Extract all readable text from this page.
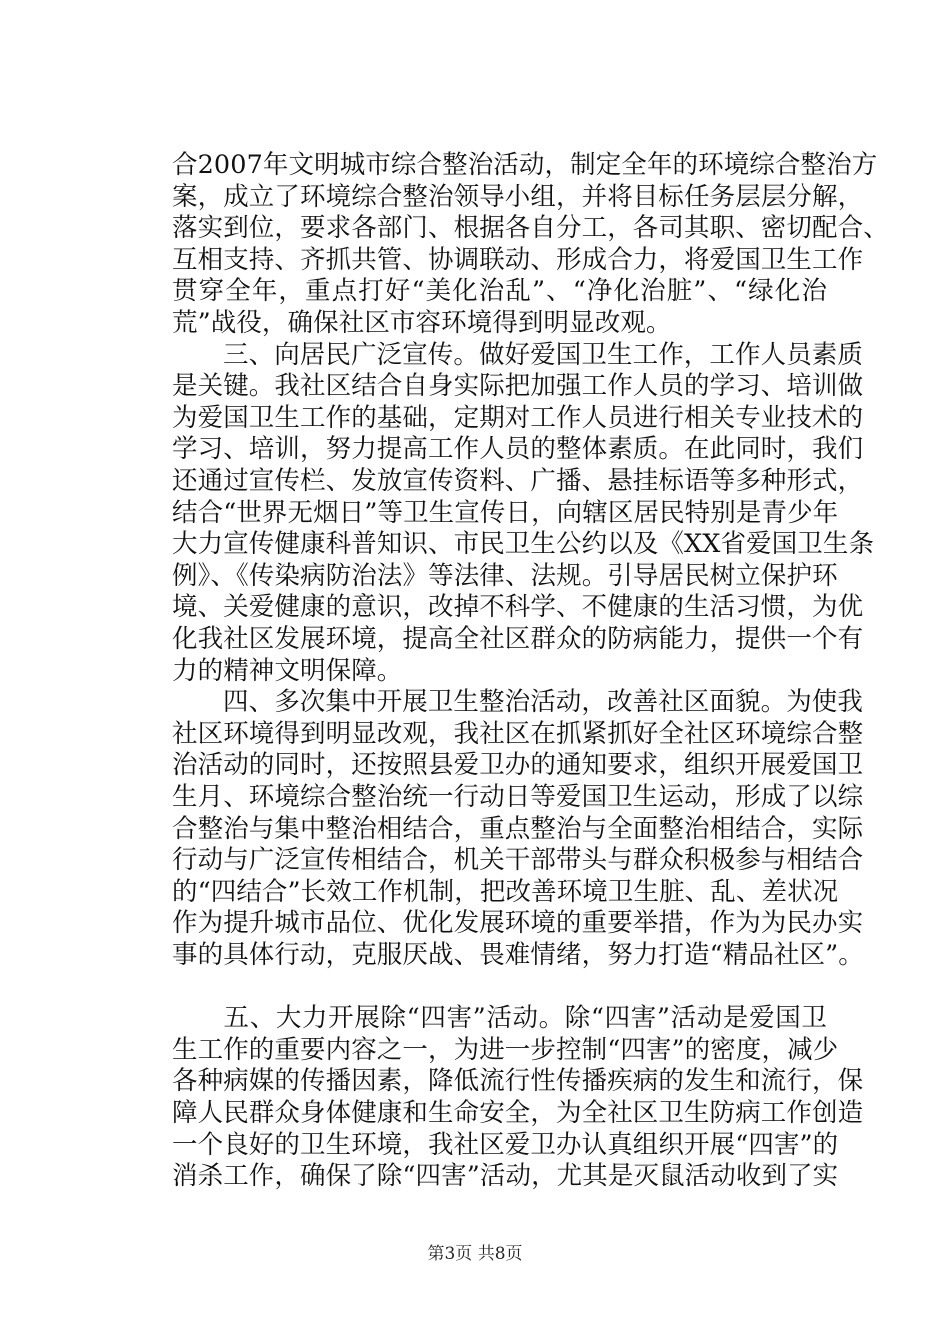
合2007年文明城市综合整治活动，制定全年的环境综合整治方
案，成立了环境综合整治领导小组，并将目标任务层层分解，
落实到位，要求各部门、根据各自分工，各司其职、密切配合、
互相支持、齐抓共管、协调联动、形成合力，将爱国卫生工作
贯穿全年，重点打好“美化治乱”、“净化治脏”、“绿化治
荒”战役，确保社区市容环境得到明显改观。
三、向居民广泛宣传。做好爱国卫生工作，工作人员素质
是关键。我社区结合自身实际把加强工作人员的学习、培训做
为爱国卫生工作的基础，定期对工作人员进行相关专业技术的
学习、培训，努力提高工作人员的整体素质。在此同时，我们
还通过宣传栏、发放宣传资料、广播、悬挂标语等多种形式，
结合“世界无烟日”等卫生宣传日，向辖区居民特别是青少年
大力宣传健康科普知识、市民卫生公约以及《XX省爱国卫生条
例》、《传染病防治法》等法律、法规。引导居民树立保护环
境、关爱健康的意识，改掉不科学、不健康的生活习惯，为优
化我社区发展环境，提高全社区群众的防病能力，提供一个有
力的精神文明保障。
四、多次集中开展卫生整治活动，改善社区面貌。为使我
社区环境得到明显改观，我社区在抓紧抓好全社区环境综合整
治活动的同时，还按照县爱卫办的通知要求，组织开展爱国卫
生月、环境综合整治统一行动日等爱国卫生运动，形成了以综
合整治与集中整治相结合，重点整治与全面整治相结合，实际
行动与广泛宣传相结合，机关干部带头与群众积极参与相结合
的“四结合”长效工作机制，把改善环境卫生脏、乱、差状况
作为提升城市品位、优化发展环境的重要举措，作为为民办实
事的具体行动，克服厌战、畏难情绪，努力打造“精品社区”。
五、大力开展除“四害”活动。除“四害”活动是爱国卫
生工作的重要内容之一，为进一步控制“四害”的密度，减少
各种病媒的传播因素，降低流行性传播疾病的发生和流行，保
障人民群众身体健康和生命安全，为全社区卫生防病工作创造
一个良好的卫生环境，我社区爱卫办认真组织开展“四害”的
消杀工作，确保了除“四害”活动，尤其是灭鼠活动收到了实
第3页 共8页
